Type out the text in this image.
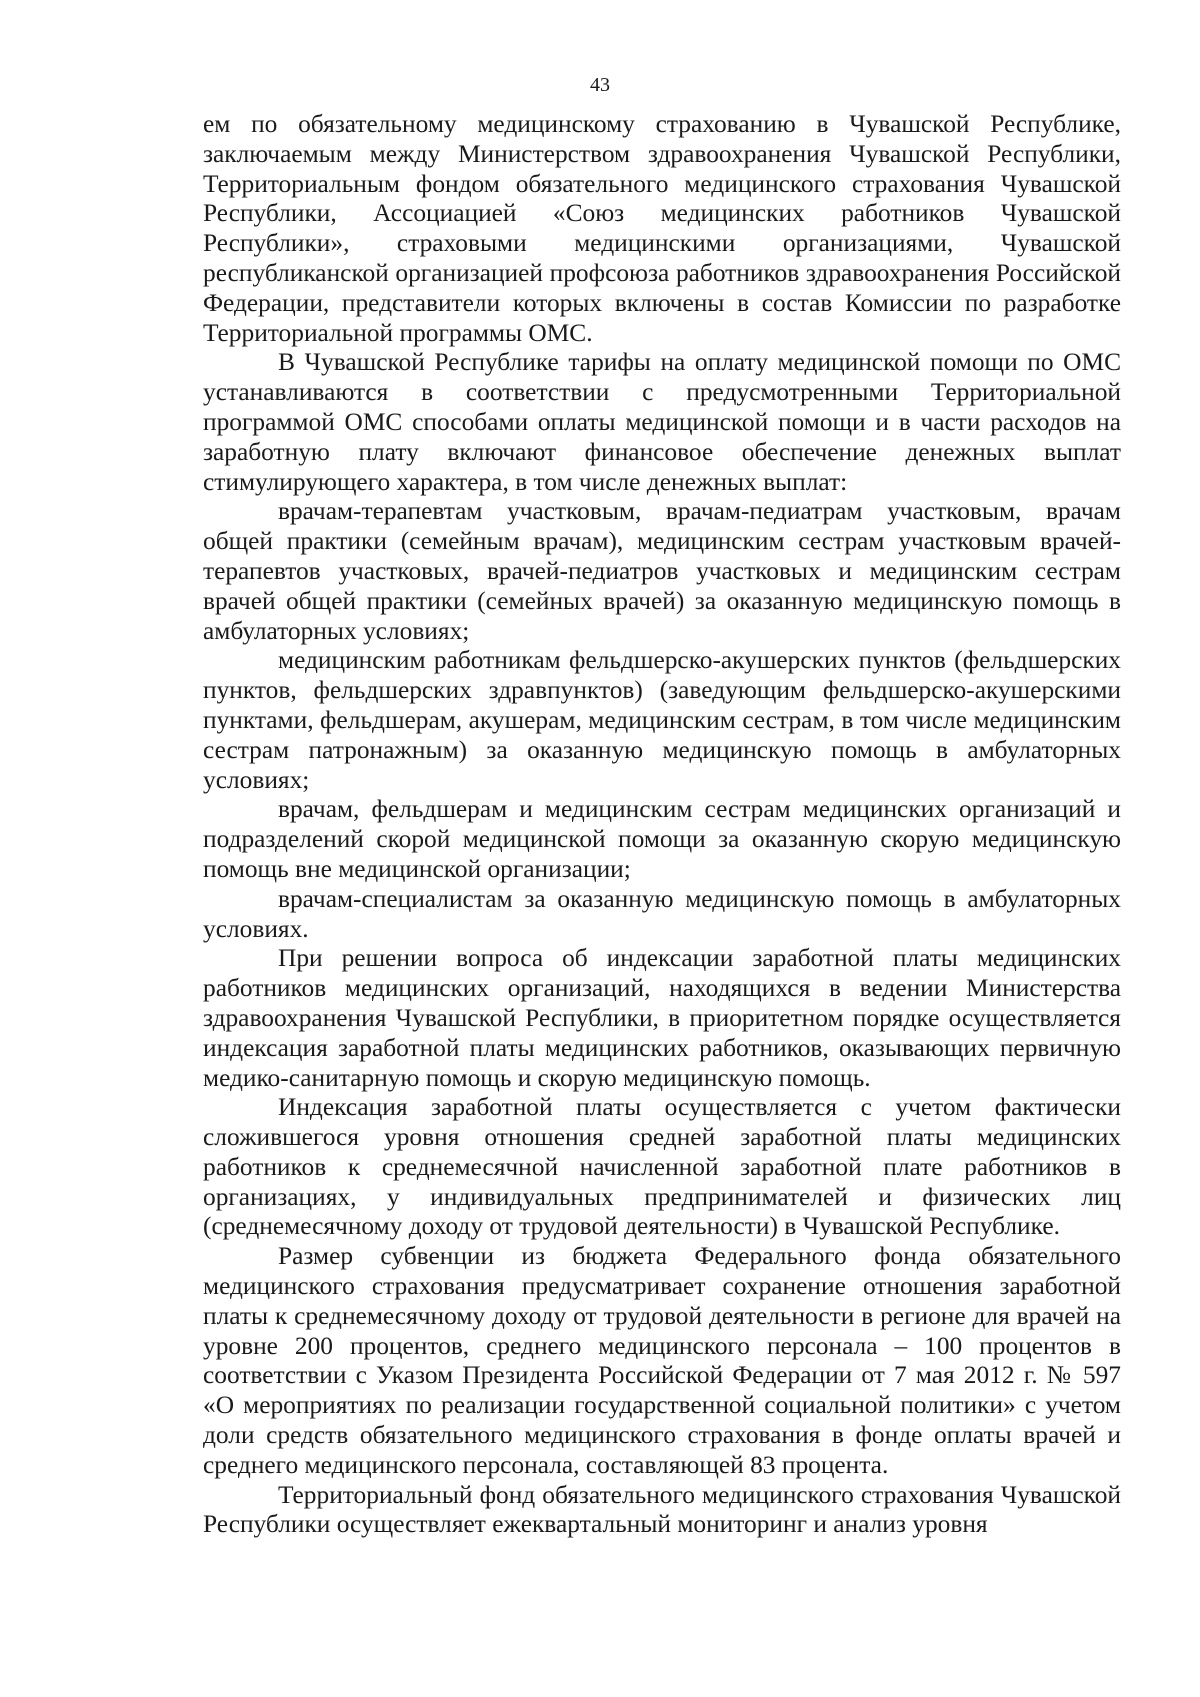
43

ем по обязательному медицинскому страхованию в Чувашской Республике, заключаемым между Министерством здравоохранения Чувашской Республики, Территориальным фондом обязательного медицинского страхования Чувашской Республики, Ассоциацией «Союз медицинских работников Чувашской Республики», страховыми медицинскими организациями, Чувашской республиканской организацией профсоюза работников здравоохранения Российской Федерации, представители которых включены в состав Комиссии по разработке Территориальной программы ОМС.

В Чувашской Республике тарифы на оплату медицинской помощи по ОМС устанавливаются в соответствии с предусмотренными Территориальной программой ОМС способами оплаты медицинской помощи и в части расходов на заработную плату включают финансовое обеспечение денежных выплат стимулирующего характера, в том числе денежных выплат:

врачам-терапевтам участковым, врачам-педиатрам участковым, врачам общей практики (семейным врачам), медицинским сестрам участковым врачей-терапевтов участковых, врачей-педиатров участковых и медицинским сестрам врачей общей практики (семейных врачей) за оказанную медицинскую помощь в амбулаторных условиях;

медицинским работникам фельдшерско-акушерских пунктов (фельдшерских пунктов, фельдшерских здравпунктов) (заведующим фельдшерско-акушерскими пунктами, фельдшерам, акушерам, медицинским сестрам, в том числе медицинским сестрам патронажным) за оказанную медицинскую помощь в амбулаторных условиях;

врачам, фельдшерам и медицинским сестрам медицинских организаций и подразделений скорой медицинской помощи за оказанную скорую медицинскую помощь вне медицинской организации;

врачам-специалистам за оказанную медицинскую помощь в амбулаторных условиях.

При решении вопроса об индексации заработной платы медицинских работников медицинских организаций, находящихся в ведении Министерства здравоохранения Чувашской Республики, в приоритетном порядке осуществляется индексация заработной платы медицинских работников, оказывающих первичную медико-санитарную помощь и скорую медицинскую помощь.

Индексация заработной платы осуществляется с учетом фактически сложившегося уровня отношения средней заработной платы медицинских работников к среднемесячной начисленной заработной плате работников в организациях, у индивидуальных предпринимателей и физических лиц (среднемесячному доходу от трудовой деятельности) в Чувашской Республике.

Размер субвенции из бюджета Федерального фонда обязательного медицинского страхования предусматривает сохранение отношения заработной платы к среднемесячному доходу от трудовой деятельности в регионе для врачей на уровне 200 процентов, среднего медицинского персонала – 100 процентов в соответствии с Указом Президента Российской Федерации от 7 мая 2012 г. № 597 «О мероприятиях по реализации государственной социальной политики» с учетом доли средств обязательного медицинского страхования в фонде оплаты врачей и среднего медицинского персонала, составляющей 83 процента.

Территориальный фонд обязательного медицинского страхования Чувашской Республики осуществляет ежеквартальный мониторинг и анализ уровня
